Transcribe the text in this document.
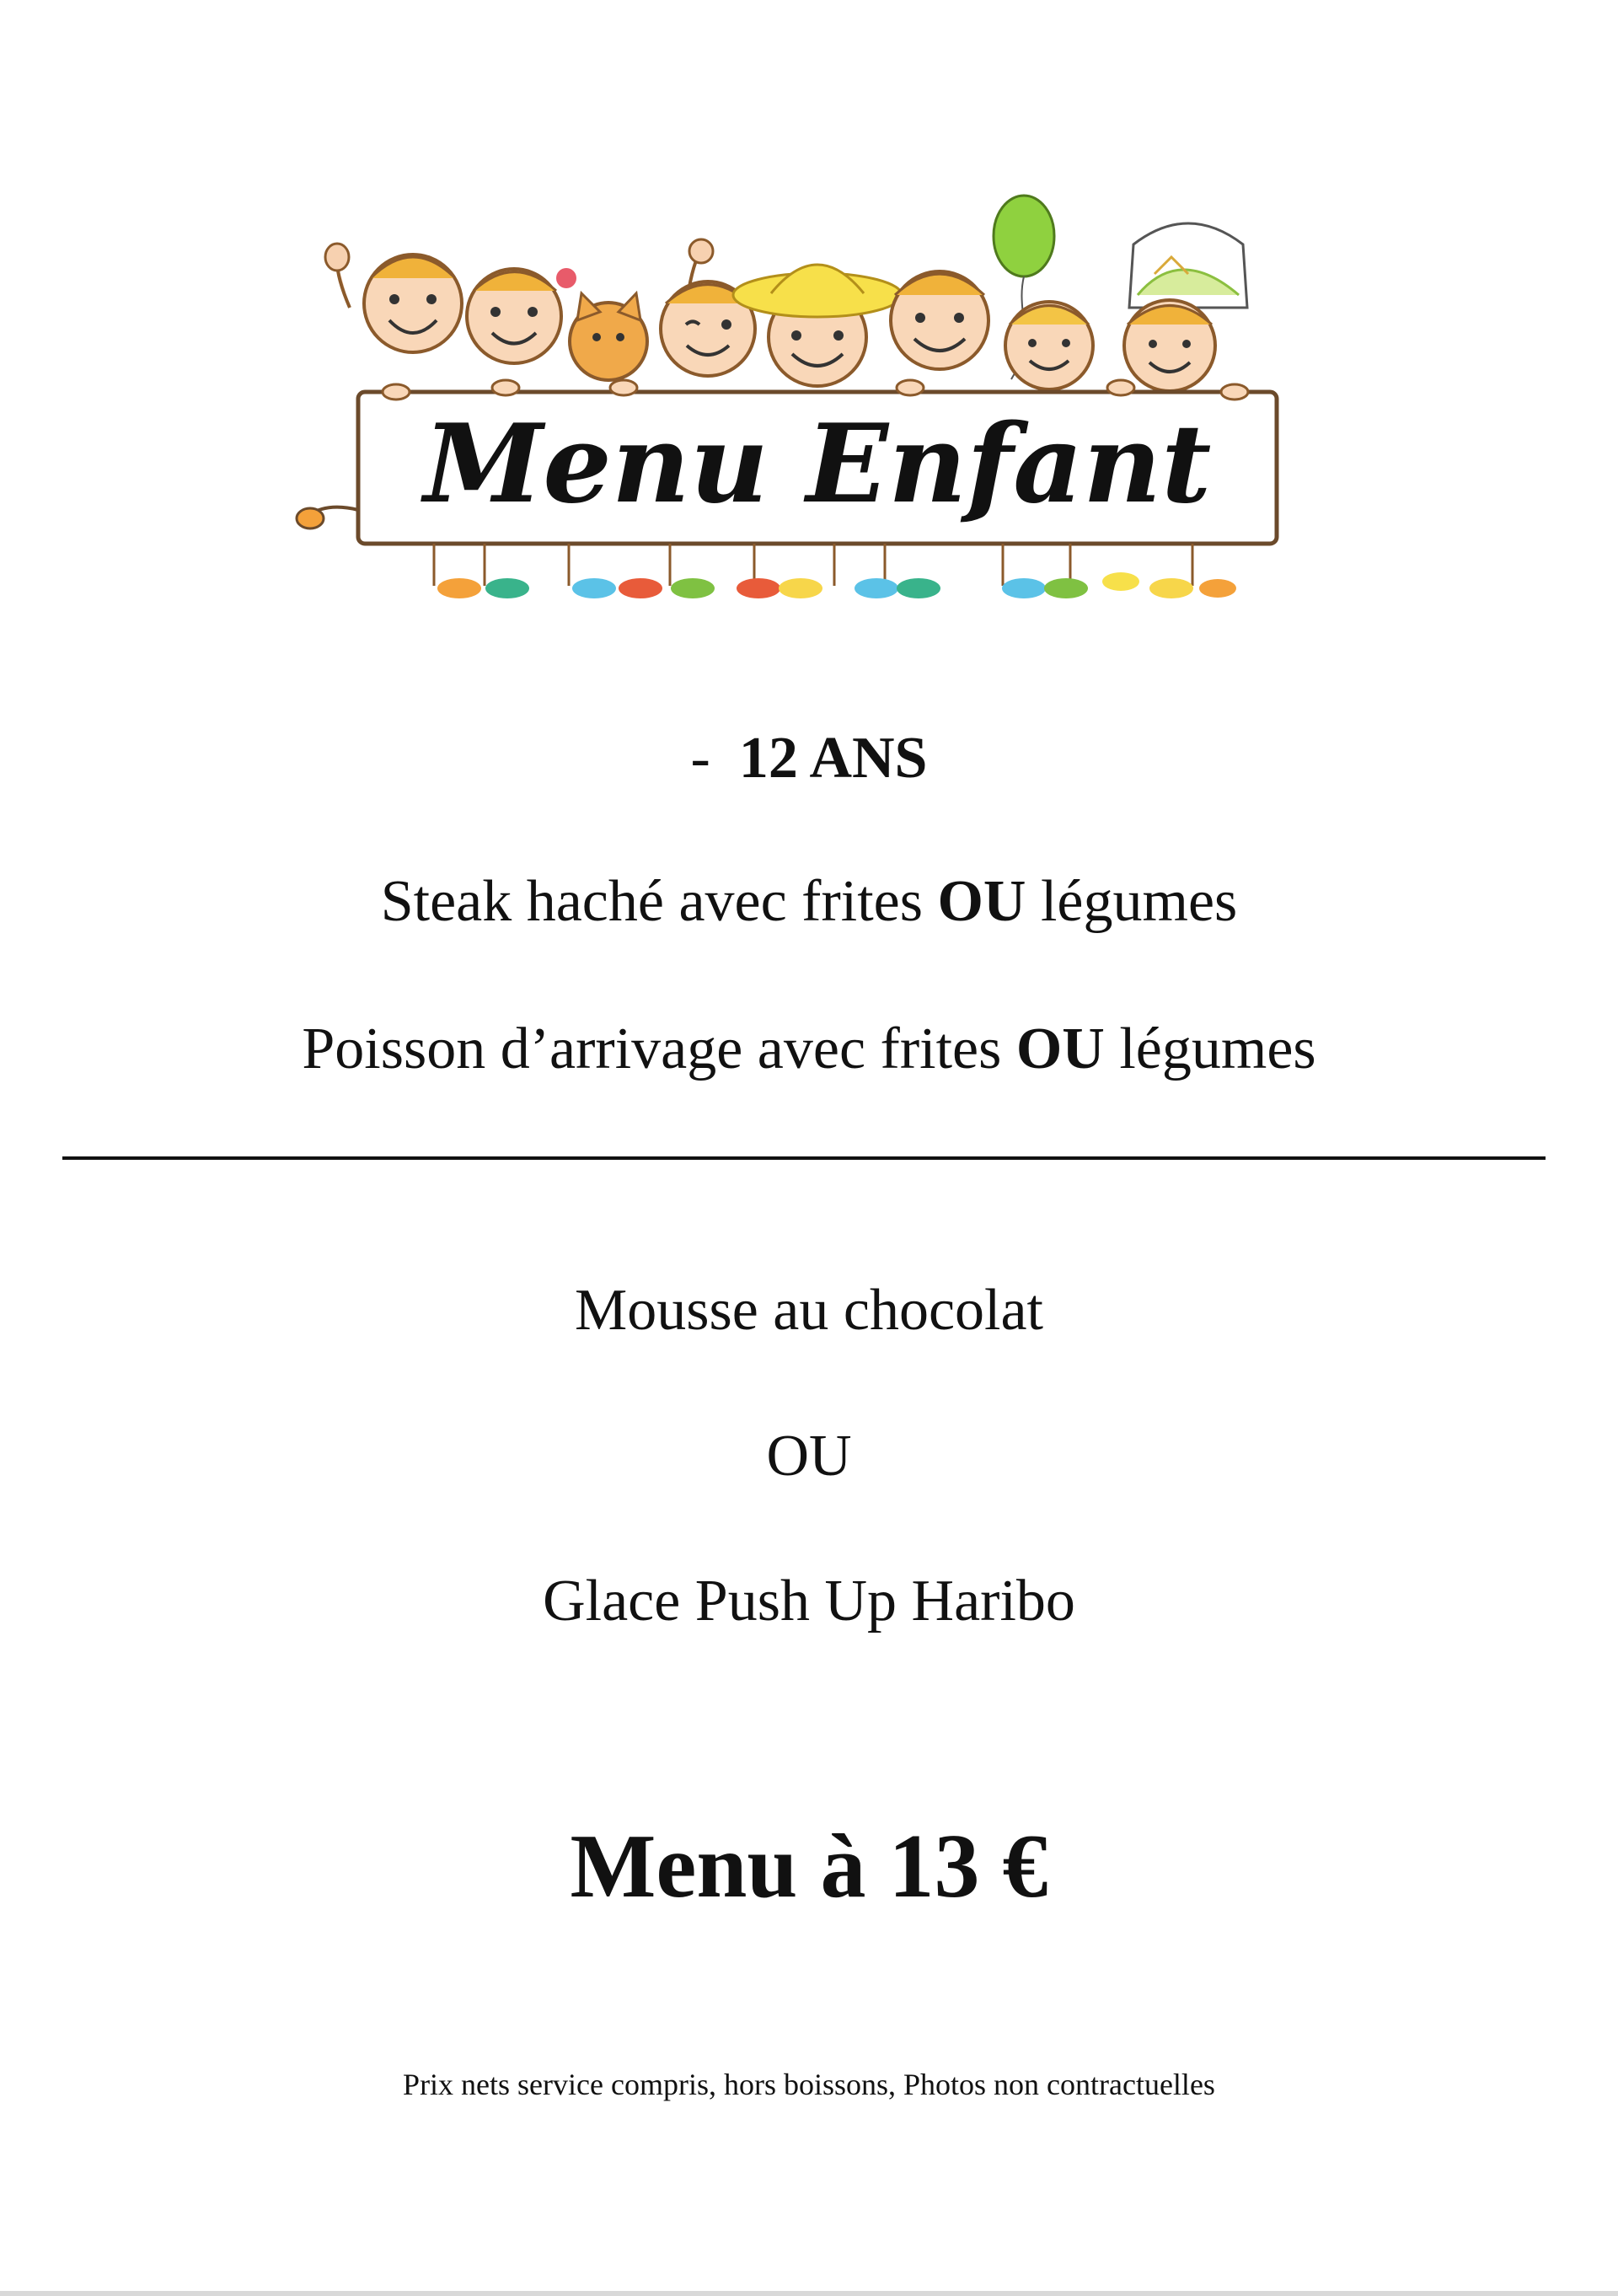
Menu Enfant
- 12 ANS
Steak haché avec frites OU légumes
Poisson d’arrivage avec frites OU légumes
Mousse au chocolat
OU
Glace Push Up Haribo
Menu à 13 €
Prix nets service compris, hors boissons, Photos non contractuelles
